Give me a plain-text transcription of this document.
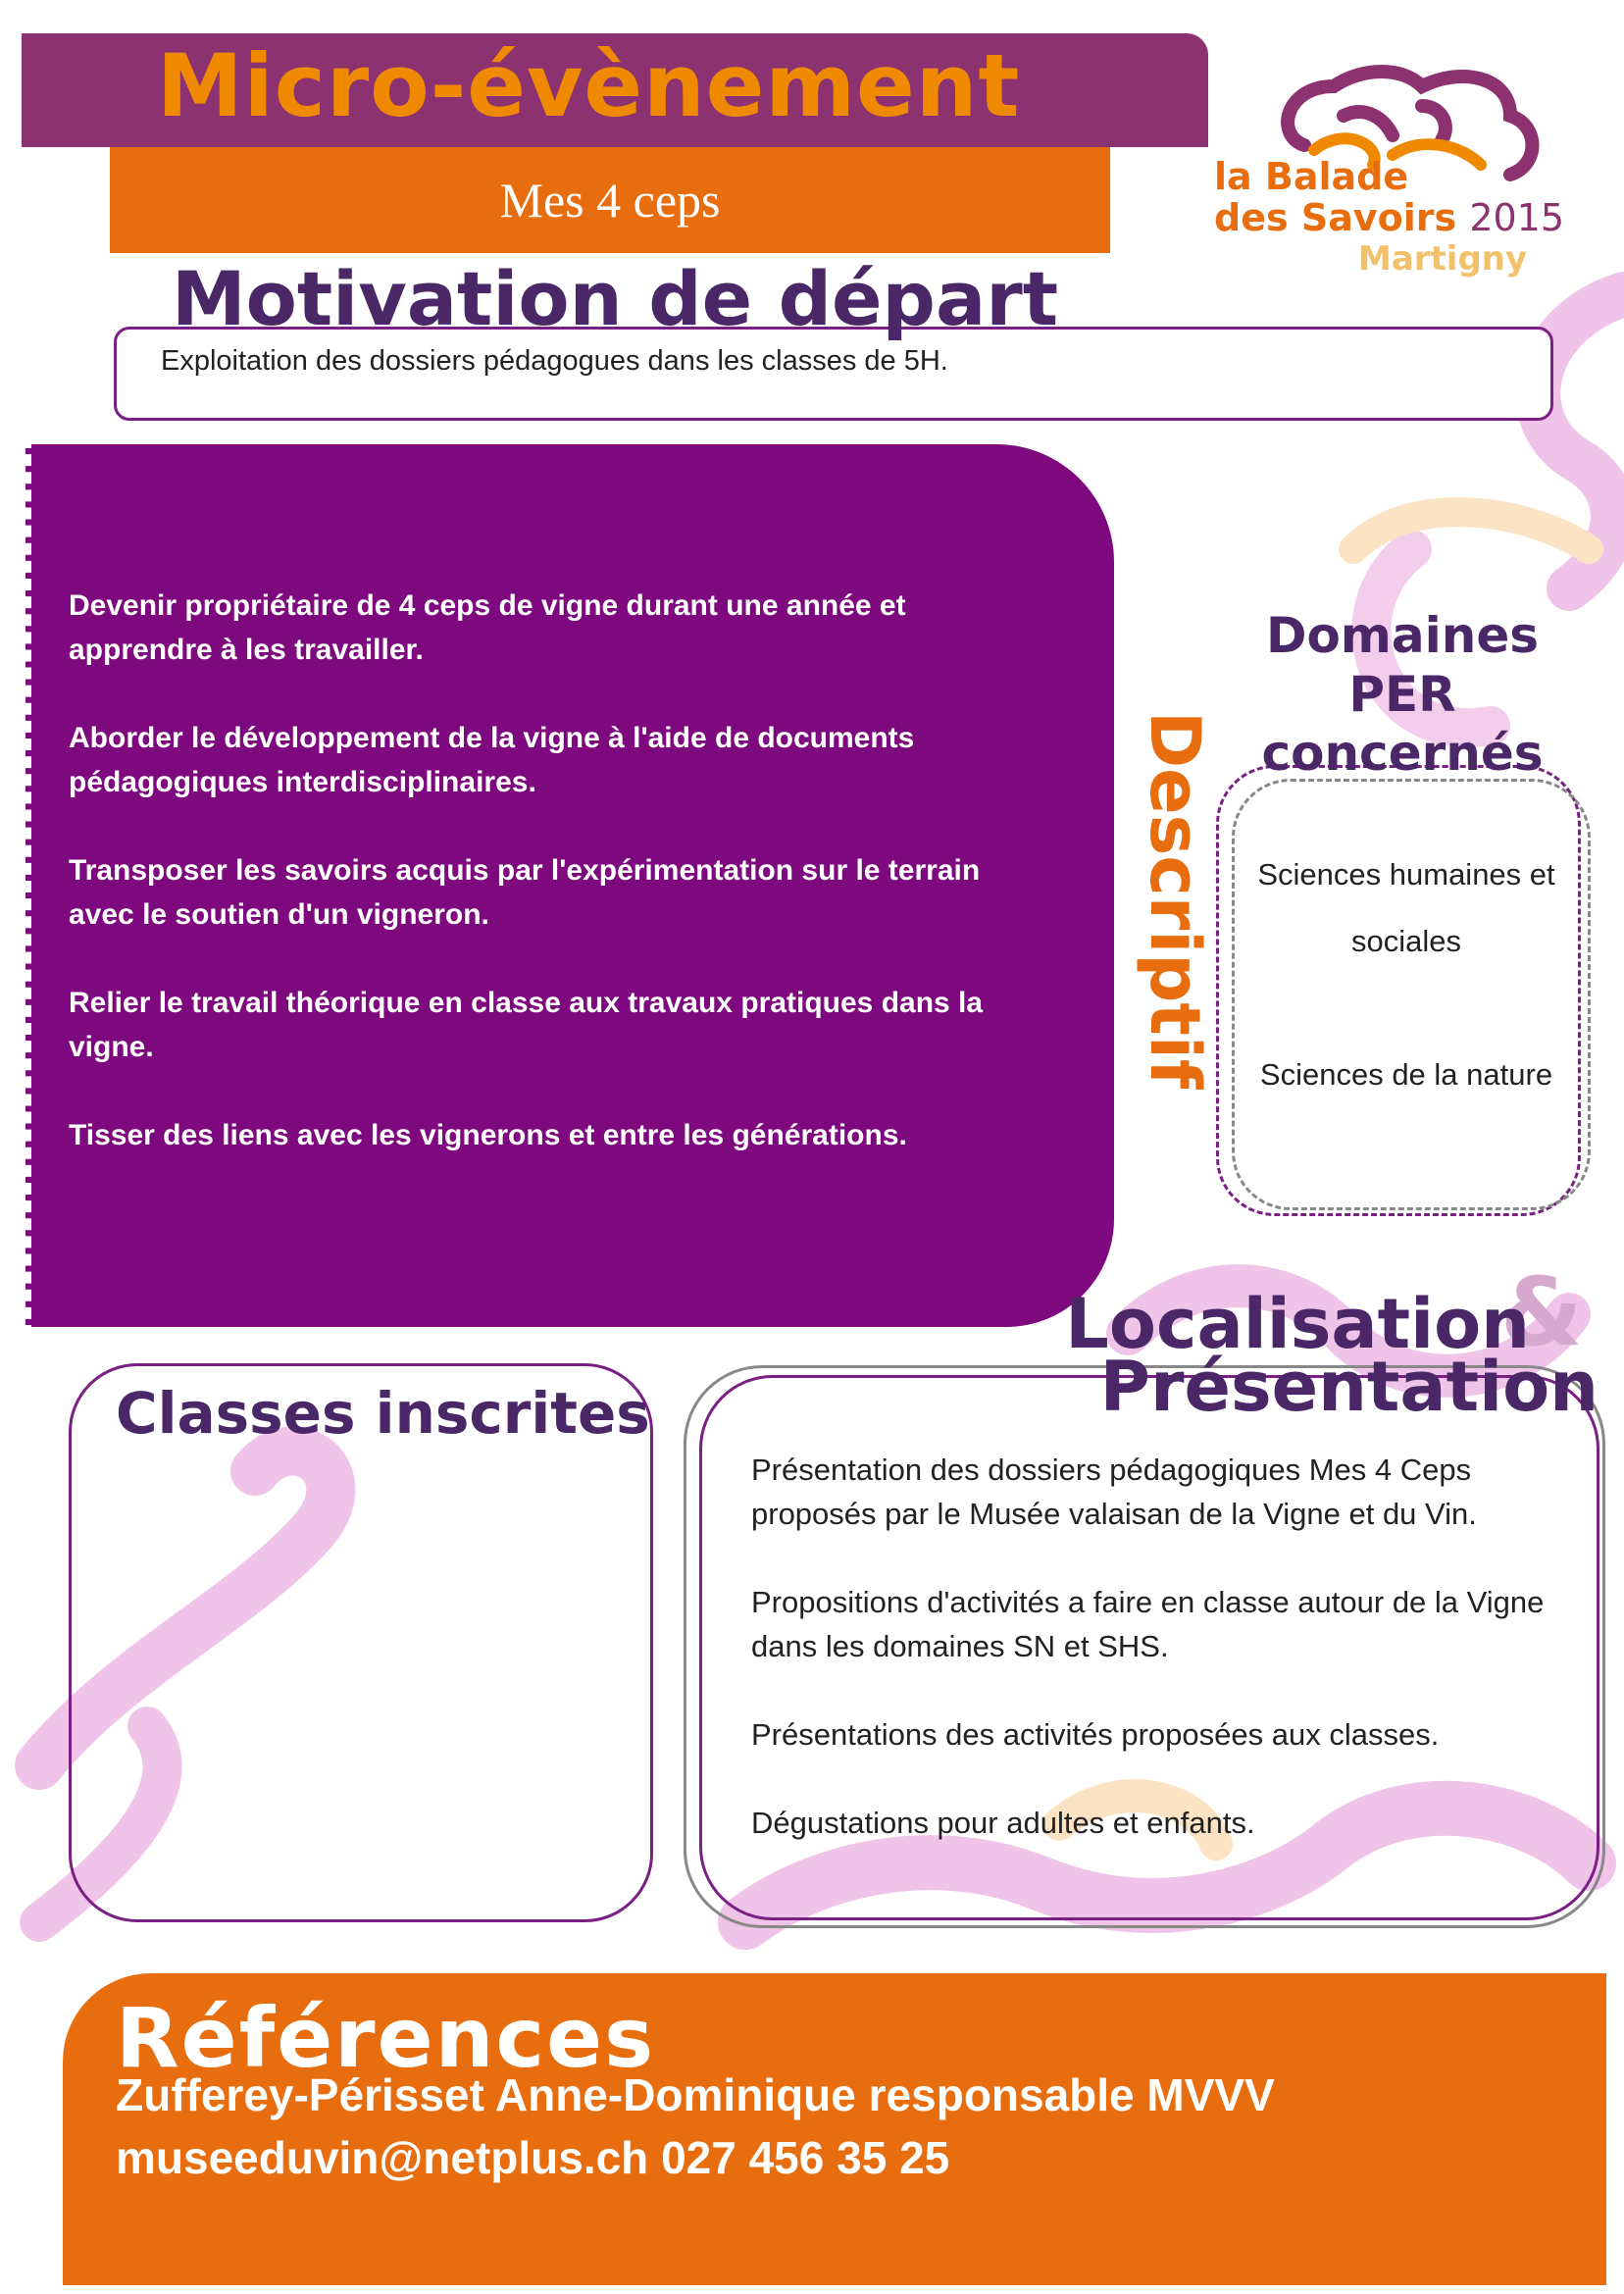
Micro-évènement
Mes 4 ceps	la Balade
des Savoirs 2015
Martigny
Motivation de départ
Exploitation des dossiers pédagogues dans les classes de 5H.

Devenir propriétaire de 4 ceps de vigne durant une année et apprendre à les travailler.

Aborder le développement de la vigne à l'aide de documents pédagogiques interdisciplinaires.

Transposer les savoirs acquis par l'expérimentation sur le terrain avec le soutien d'un vigneron.

Relier le travail théorique en classe aux travaux pratiques dans la vigne.

Tisser des liens avec les vignerons et entre les générations.

Descriptif
Domaines PER
concernés

Sciences humaines et sociales

Sciences de la nature

&
Localisation
Présentation
Classes inscrites

Présentation des dossiers pédagogiques Mes 4 Ceps proposés par le Musée valaisan de la Vigne et du Vin.

Propositions d'activités a faire en classe autour de la Vigne dans les domaines SN et SHS.

Présentations des activités proposées aux classes.

Dégustations pour adultes et enfants.

Références
Zufferey-Périsset Anne-Dominique responsable MVVV
museeduvin@netplus.ch 027 456 35 25
